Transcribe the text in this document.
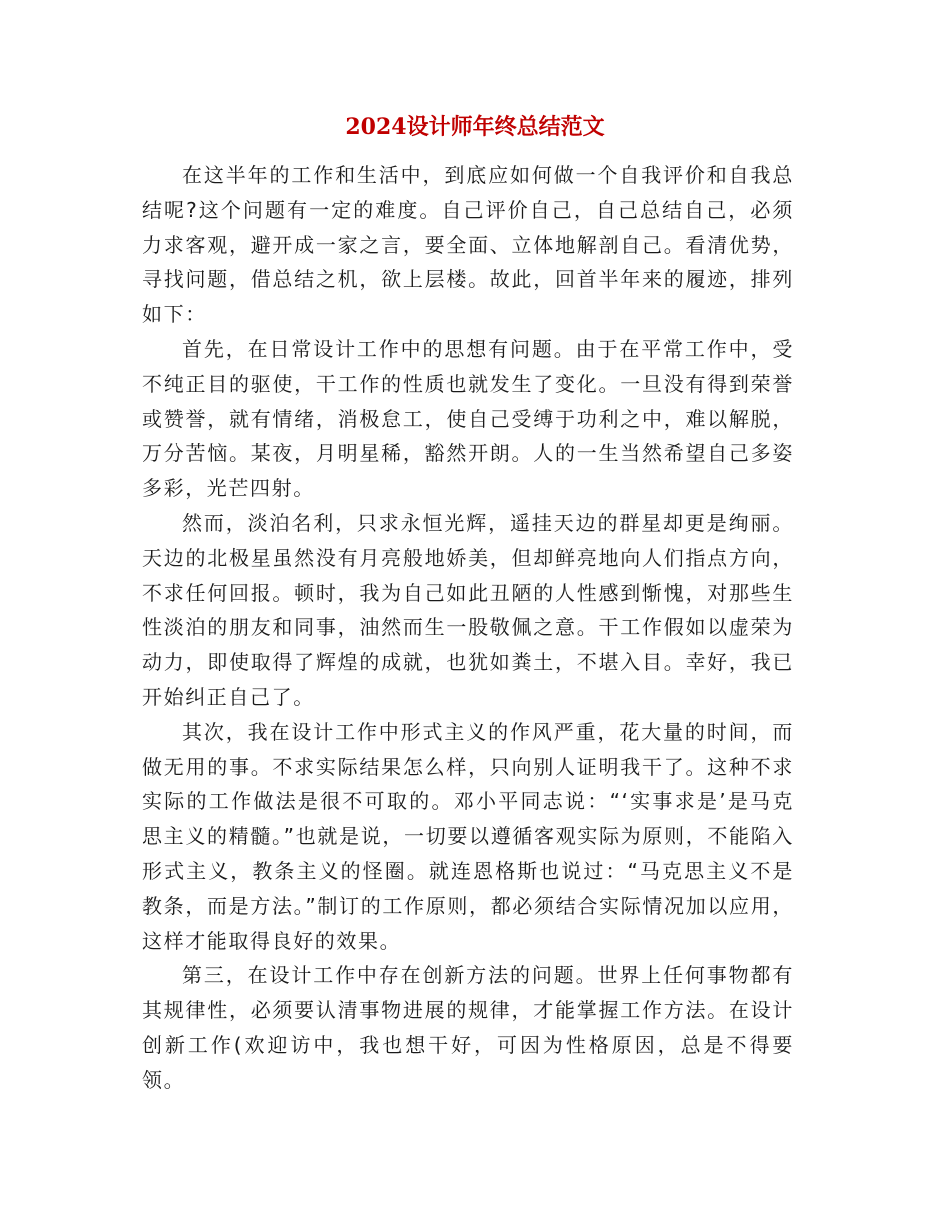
2024设计师年终总结范文

在这半年的工作和生活中，到底应如何做一个自我评价和自我总结呢?这个问题有一定的难度。自己评价自己，自己总结自己，必须力求客观，避开成一家之言，要全面、立体地解剖自己。看清优势，寻找问题，借总结之机，欲上层楼。故此，回首半年来的履迹，排列如下：

首先，在日常设计工作中的思想有问题。由于在平常工作中，受不纯正目的驱使，干工作的性质也就发生了变化。一旦没有得到荣誉或赞誉，就有情绪，消极怠工，使自己受缚于功利之中，难以解脱，万分苦恼。某夜，月明星稀，豁然开朗。人的一生当然希望自己多姿多彩，光芒四射。

然而，淡泊名利，只求永恒光辉，遥挂天边的群星却更是绚丽。天边的北极星虽然没有月亮般地娇美，但却鲜亮地向人们指点方向，不求任何回报。顿时，我为自己如此丑陋的人性感到惭愧，对那些生性淡泊的朋友和同事，油然而生一股敬佩之意。干工作假如以虚荣为动力，即使取得了辉煌的成就，也犹如粪土，不堪入目。幸好，我已开始纠正自己了。

其次，我在设计工作中形式主义的作风严重，花大量的时间，而做无用的事。不求实际结果怎么样，只向别人证明我干了。这种不求实际的工作做法是很不可取的。邓小平同志说：“‘实事求是’是马克思主义的精髓。”也就是说，一切要以遵循客观实际为原则，不能陷入形式主义，教条主义的怪圈。就连恩格斯也说过：“马克思主义不是教条，而是方法。”制订的工作原则，都必须结合实际情况加以应用，这样才能取得良好的效果。

第三，在设计工作中存在创新方法的问题。世界上任何事物都有其规律性，必须要认清事物进展的规律，才能掌握工作方法。在设计创新工作(欢迎访中，我也想干好，可因为性格原因，总是不得要领。
